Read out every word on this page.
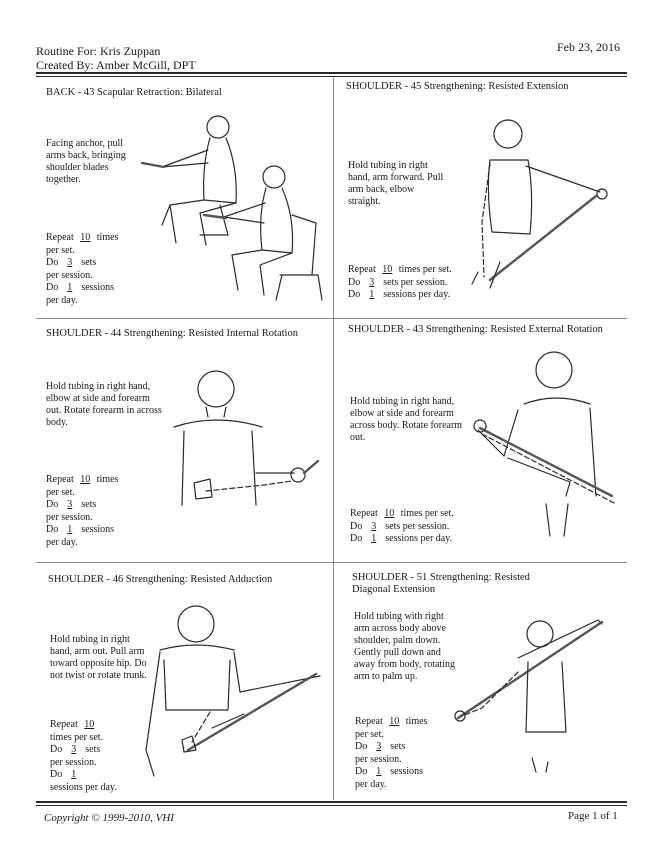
Routine For: Kris Zuppan
Created By: Amber McGill, DPT
Feb 23, 2016
BACK - 43 Scapular Retraction: Bilateral
Facing anchor, pull arms back, bringing shoulder blades together.
Repeat 10 times
per set.
Do 3 sets
per session.
Do 1 sessions
per day.
SHOULDER - 45 Strengthening: Resisted Extension
Hold tubing in right hand, arm forward. Pull arm back, elbow straight.
Repeat 10 times per set.
Do 3 sets per session.
Do 1 sessions per day.
SHOULDER - 44 Strengthening: Resisted Internal Rotation
Hold tubing in right hand, elbow at side and forearm out. Rotate forearm in across body.
Repeat 10 times
per set.
Do 3 sets
per session.
Do 1 sessions
per day.
SHOULDER - 43 Strengthening: Resisted External Rotation
Hold tubing in right hand, elbow at side and forearm across body. Rotate forearm out.
Repeat 10 times per set.
Do 3 sets per session.
Do 1 sessions per day.
SHOULDER - 46 Strengthening: Resisted Adduction
Hold tubing in right hand, arm out. Pull arm toward opposite hip. Do not twist or rotate trunk.
Repeat 10
times per set.
Do 3 sets
per session.
Do 1
sessions per day.
SHOULDER - 51 Strengthening: Resisted Diagonal Extension
Hold tubing with right arm across body above shoulder, palm down. Gently pull down and away from body, rotating arm to palm up.
Repeat 10 times
per set.
Do 3 sets
per session.
Do 1 sessions
per day.
Copyright © 1999-2010, VHI	Page 1 of 1
